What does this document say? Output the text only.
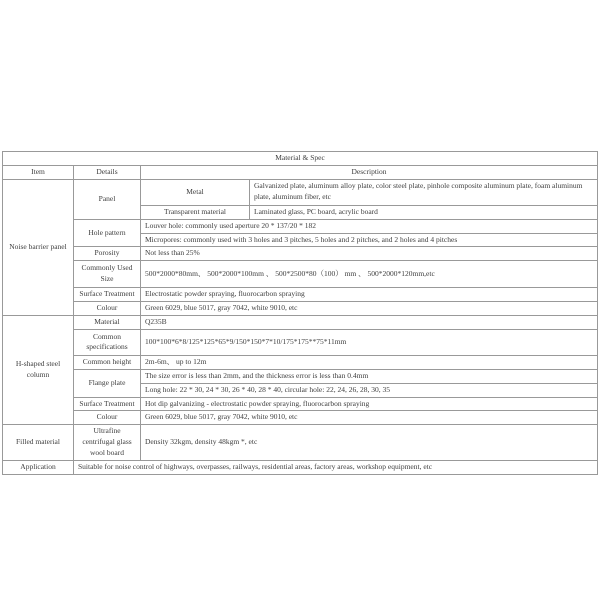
Material & Spec			
Item	Details	Description	
Noise barrier panel	Panel	Metal	Galvanized plate, aluminum alloy plate, color steel plate, pinhole composite aluminum plate, foam aluminum plate, aluminum fiber, etc
		Transparent material	Laminated glass, PC board, acrylic board
	Hole pattern	Louver hole: commonly used aperture 20 * 137/20 * 182	
		Micropores: commonly used with 3 holes and 3 pitches, 5 holes and 2 pitches, and 2 holes and 4 pitches	
	Porosity	Not less than 25%	
	Commonly Used Size	500*2000*80mm、 500*2000*100mm 、 500*2500*80（100） mm 、 500*2000*120mm,etc	
	Surface Treatment	Electrostatic powder spraying, fluorocarbon spraying	
	Colour	Green 6029, blue 5017, gray 7042, white 9010, etc	
H-shaped steel column	Material	Q235B	
	Common specifications	100*100*6*8/125*125*65*9/150*150*7*10/175*175**75*11mm	
	Common height	2m-6m、 up to 12m	
	Flange plate	The size error is less than 2mm, and the thickness error is less than 0.4mm	
		Long hole: 22 * 30, 24 * 30, 26 * 40, 28 * 40, circular hole: 22, 24, 26, 28, 30, 35	
	Surface Treatment	Hot dip galvanizing - electrostatic powder spraying, fluorocarbon spraying	
	Colour	Green 6029, blue 5017, gray 7042, white 9010, etc	
Filled material	Ultrafine centrifugal glass wool board	Density 32kgm, density 48kgm *, etc	
Application	Suitable for noise control of highways, overpasses, railways, residential areas, factory areas, workshop equipment, etc		
